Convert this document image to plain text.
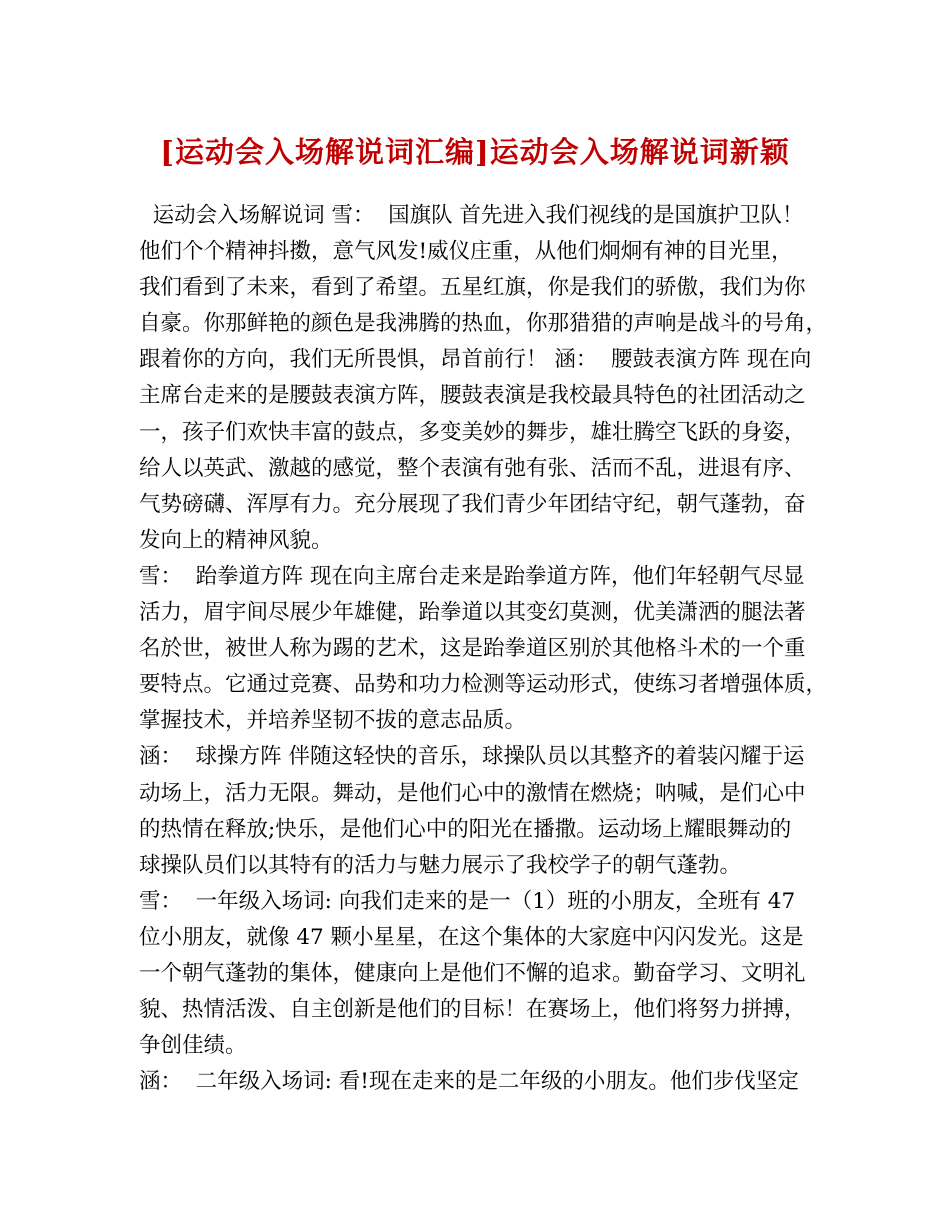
[运动会入场解说词汇编]运动会入场解说词新颖
运动会入场解说词 雪：  国旗队 首先进入我们视线的是国旗护卫队！
他们个个精神抖擞，意气风发!威仪庄重，从他们炯炯有神的目光里，
我们看到了未来，看到了希望。五星红旗，你是我们的骄傲，我们为你
自豪。你那鲜艳的颜色是我沸腾的热血，你那猎猎的声响是战斗的号角，
跟着你的方向，我们无所畏惧，昂首前行！ 涵：  腰鼓表演方阵 现在向
主席台走来的是腰鼓表演方阵，腰鼓表演是我校最具特色的社团活动之
一，孩子们欢快丰富的鼓点，多变美妙的舞步，雄壮腾空飞跃的身姿，
给人以英武、激越的感觉，整个表演有弛有张、活而不乱，进退有序、
气势磅礴、浑厚有力。充分展现了我们青少年团结守纪，朝气蓬勃，奋
发向上的精神风貌。
雪：  跆拳道方阵 现在向主席台走来是跆拳道方阵，他们年轻朝气尽显
活力，眉宇间尽展少年雄健，跆拳道以其变幻莫测，优美潇洒的腿法著
名於世，被世人称为踢的艺术，这是跆拳道区别於其他格斗术的一个重
要特点。它通过竞赛、品势和功力检测等运动形式，使练习者增强体质，
掌握技术，并培养坚韧不拔的意志品质。
涵：  球操方阵 伴随这轻快的音乐，球操队员以其整齐的着装闪耀于运
动场上，活力无限。舞动，是他们心中的激情在燃烧；呐喊，是们心中
的热情在释放;快乐，是他们心中的阳光在播撒。运动场上耀眼舞动的
球操队员们以其特有的活力与魅力展示了我校学子的朝气蓬勃。
雪：  一年级入场词: 向我们走来的是一（1）班的小朋友，全班有 47
位小朋友，就像 47 颗小星星，在这个集体的大家庭中闪闪发光。这是
一个朝气蓬勃的集体，健康向上是他们不懈的追求。勤奋学习、文明礼
貌、热情活泼、自主创新是他们的目标！在赛场上，他们将努力拼搏，
争创佳绩。
涵：  二年级入场词: 看!现在走来的是二年级的小朋友。他们步伐坚定
